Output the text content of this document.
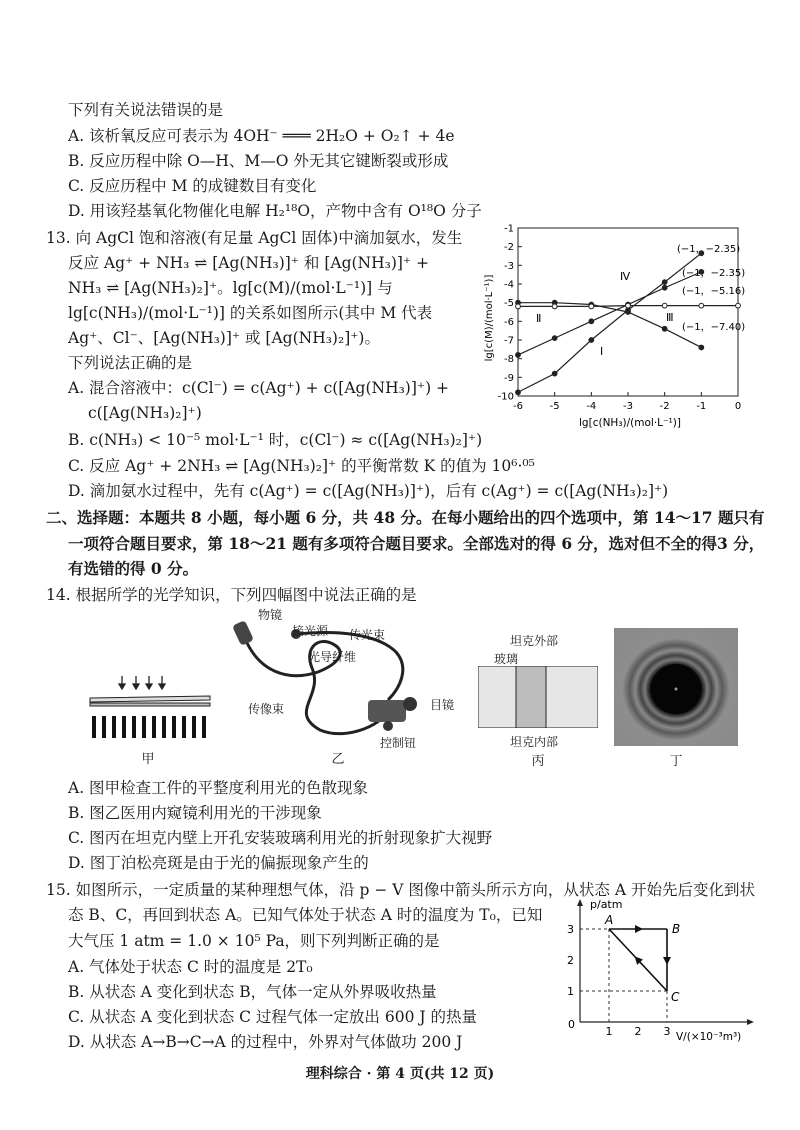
下列有关说法错误的是
A. 该析氧反应可表示为 4OH⁻ ═══ 2H₂O + O₂↑ + 4e
B. 反应历程中除 O—H、M—O 外无其它键断裂或形成
C. 反应历程中 M 的成键数目有变化
D. 用该羟基氧化物催化电解 H₂¹⁸O，产物中含有 O¹⁸O 分子
13. 向 AgCl 饱和溶液(有足量 AgCl 固体)中滴加氨水，发生
反应 Ag⁺ + NH₃ ⇌ [Ag(NH₃)]⁺ 和 [Ag(NH₃)]⁺ +
NH₃ ⇌ [Ag(NH₃)₂]⁺。lg[c(M)/(mol·L⁻¹)] 与
lg[c(NH₃)/(mol·L⁻¹)] 的关系如图所示(其中 M 代表
Ag⁺、Cl⁻、[Ag(NH₃)]⁺ 或 [Ag(NH₃)₂]⁺)。
下列说法正确的是
A. 混合溶液中：c(Cl⁻) = c(Ag⁺) + c([Ag(NH₃)]⁺) +
c([Ag(NH₃)₂]⁺)
B. c(NH₃) < 10⁻⁵ mol·L⁻¹ 时，c(Cl⁻) ≈ c([Ag(NH₃)₂]⁺)
C. 反应 Ag⁺ + 2NH₃ ⇌ [Ag(NH₃)₂]⁺ 的平衡常数 K 的值为 10⁶·⁰⁵
D. 滴加氨水过程中，先有 c(Ag⁺) = c([Ag(NH₃)]⁺)，后有 c(Ag⁺) = c([Ag(NH₃)₂]⁺)
-6	-5	-4	-3	-2	-1	0
-1
-2
-3
-4
-5
-6
-7
-8
-9
-10
lg[c(M)/(mol·L⁻¹)]
lg[c(NH₃)/(mol·L⁻¹)]
(−1，−2.35)
(−1，−2.35)
(−1，−5.16)
(−1，−7.40)
Ⅱ
Ⅰ
Ⅲ
Ⅳ
二、选择题：本题共 8 小题，每小题 6 分，共 48 分。在每小题给出的四个选项中，第 14～17 题只有
一项符合题目要求，第 18～21 题有多项符合题目要求。全部选对的得 6 分，选对但不全的得3 分，
有选错的得 0 分。
14. 根据所学的光学知识，下列四幅图中说法正确的是
甲
物镜
接光源 传光束
光导纤维
传像束	目镜
控制钮
乙
坦克外部
玻璃
坦克内部
丙	丁
A. 图甲检查工件的平整度利用光的色散现象
B. 图乙医用内窥镜利用光的干涉现象
C. 图丙在坦克内壁上开孔安装玻璃利用光的折射现象扩大视野
D. 图丁泊松亮斑是由于光的偏振现象产生的
15. 如图所示，一定质量的某种理想气体，沿 p − V 图像中箭头所示方向，从状态 A 开始先后变化到状
态 B、C，再回到状态 A。已知气体处于状态 A 时的温度为 T₀，已知
大气压 1 atm = 1.0 × 10⁵ Pa，则下列判断正确的是
A. 气体处于状态 C 时的温度是 2T₀
B. 从状态 A 变化到状态 B，气体一定从外界吸收热量
C. 从状态 A 变化到状态 C 过程气体一定放出 600 J 的热量
D. 从状态 A→B→C→A 的过程中，外界对气体做功 200 J
1 2 3
1
2
3
A
B
C
p/atm
V/(×10⁻³m³)
0
理科综合 · 第 4 页(共 12 页)
